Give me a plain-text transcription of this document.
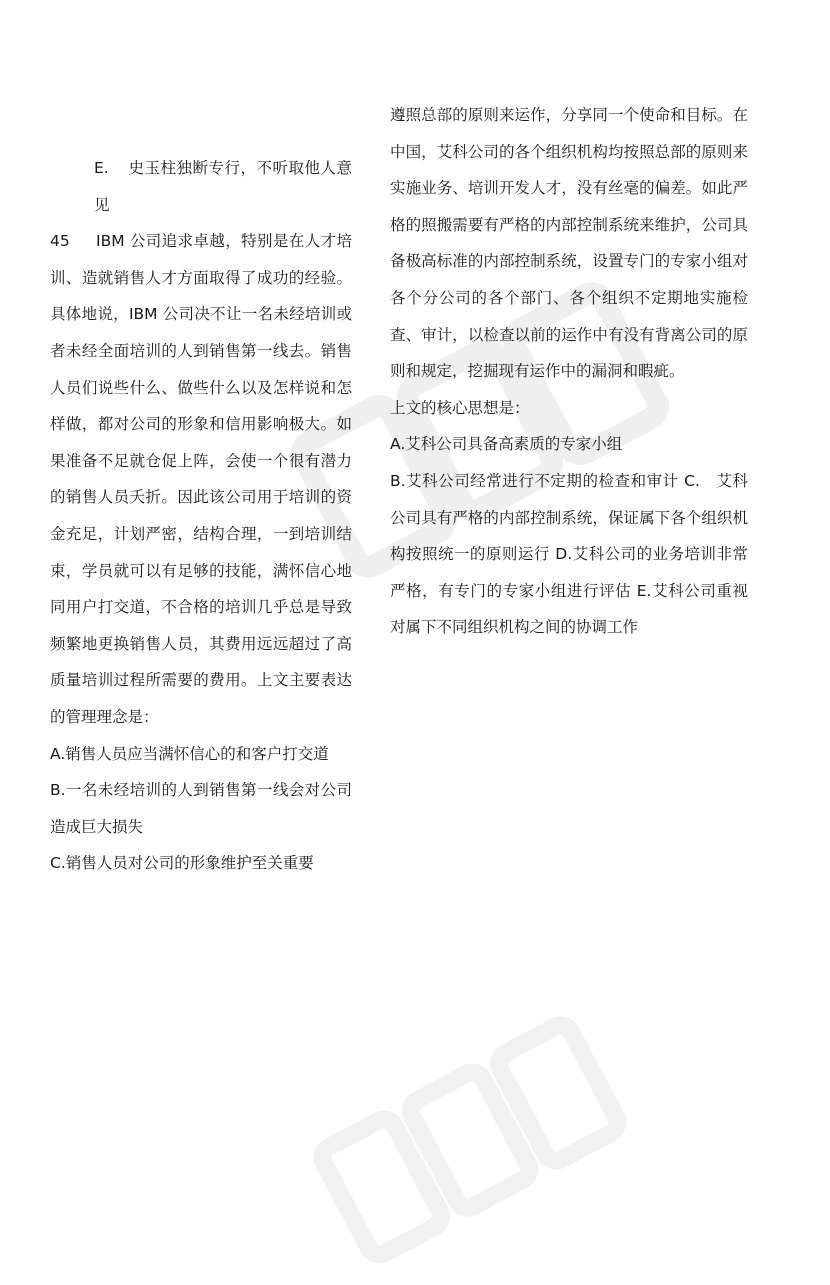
E. 史玉柱独断专行，不听取他人意见

45 IBM 公司追求卓越，特别是在人才培训、造就销售人才方面取得了成功的经验。具体地说，IBM 公司决不让一名未经培训或者未经全面培训的人到销售第一线去。销售人员们说些什么、做些什么以及怎样说和怎样做，都对公司的形象和信用影响极大。如果准备不足就仓促上阵，会使一个很有潜力的销售人员夭折。因此该公司用于培训的资金充足，计划严密，结构合理，一到培训结束，学员就可以有足够的技能，满怀信心地同用户打交道，不合格的培训几乎总是导致频繁地更换销售人员，其费用远远超过了高质量培训过程所需要的费用。上文主要表达的管理理念是：

A.销售人员应当满怀信心的和客户打交道

B.一名未经培训的人到销售第一线会对公司造成巨大损失

C.销售人员对公司的形象维护至关重要

遵照总部的原则来运作，分享同一个使命和目标。在中国，艾科公司的各个组织机构均按照总部的原则来实施业务、培训开发人才，没有丝毫的偏差。如此严格的照搬需要有严格的内部控制系统来维护，公司具备极高标准的内部控制系统，设置专门的专家小组对各个分公司的各个部门、各个组织不定期地实施检查、审计，以检查以前的运作中有没有背离公司的原则和规定，挖掘现有运作中的漏洞和暇疵。

上文的核心思想是：

A.艾科公司具备高素质的专家小组

B.艾科公司经常进行不定期的检查和审计 C.　艾科公司具有严格的内部控制系统，保证属下各个组织机构按照统一的原则运行 D.艾科公司的业务培训非常严格，有专门的专家小组进行评估 E.艾科公司重视对属下不同组织机构之间的协调工作
